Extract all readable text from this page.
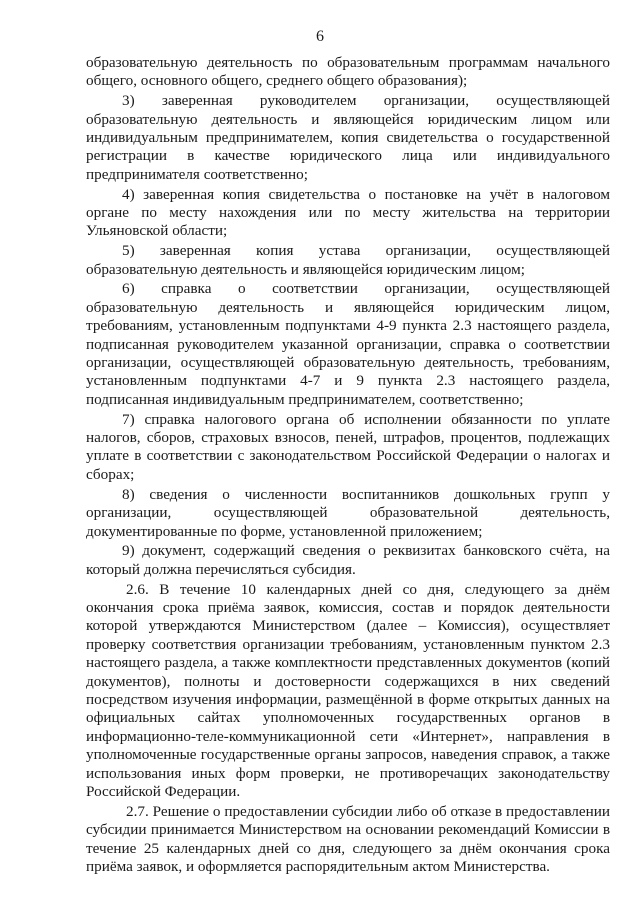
6

образовательную деятельность по образовательным программам начального общего, основного общего, среднего общего образования);

3) заверенная руководителем организации, осуществляющей образовательную деятельность и являющейся юридическим лицом или индивидуальным предпринимателем, копия свидетельства о государственной регистрации в качестве юридического лица или индивидуального предпринимателя соответственно;

4) заверенная копия свидетельства о постановке на учёт в налоговом органе по месту нахождения или по месту жительства на территории Ульяновской области;

5) заверенная копия устава организации, осуществляющей образовательную деятельность и являющейся юридическим лицом;

6) справка о соответствии организации, осуществляющей образовательную деятельность и являющейся юридическим лицом, требованиям, установленным подпунктами 4-9 пункта 2.3 настоящего раздела, подписанная руководителем указанной организации, справка о соответствии организации, осуществляющей образовательную деятельность, требованиям, установленным подпунктами 4-7 и 9 пункта 2.3 настоящего раздела, подписанная индивидуальным предпринимателем, соответственно;

7) справка налогового органа об исполнении обязанности по уплате налогов, сборов, страховых взносов, пеней, штрафов, процентов, подлежащих уплате в соответствии с законодательством Российской Федерации о налогах и сборах;

8) сведения о численности воспитанников дошкольных групп у организации, осуществляющей образовательной деятельность, документированные по форме, установленной приложением;

9) документ, содержащий сведения о реквизитах банковского счёта, на который должна перечисляться субсидия.

2.6. В течение 10 календарных дней со дня, следующего за днём окончания срока приёма заявок, комиссия, состав и порядок деятельности которой утверждаются Министерством (далее – Комиссия), осуществляет проверку соответствия организации требованиям, установленным пунктом 2.3 настоящего раздела, а также комплектности представленных документов (копий документов), полноты и достоверности содержащихся в них сведений посредством изучения информации, размещённой в форме открытых данных на официальных сайтах уполномоченных государственных органов в информационно-теле-коммуникационной сети «Интернет», направления в уполномоченные государственные органы запросов, наведения справок, а также использования иных форм проверки, не противоречащих законодательству Российской Федерации.

2.7. Решение о предоставлении субсидии либо об отказе в предоставлении субсидии принимается Министерством на основании рекомендаций Комиссии в течение 25 календарных дней со дня, следующего за днём окончания срока приёма заявок, и оформляется распорядительным актом Министерства.
